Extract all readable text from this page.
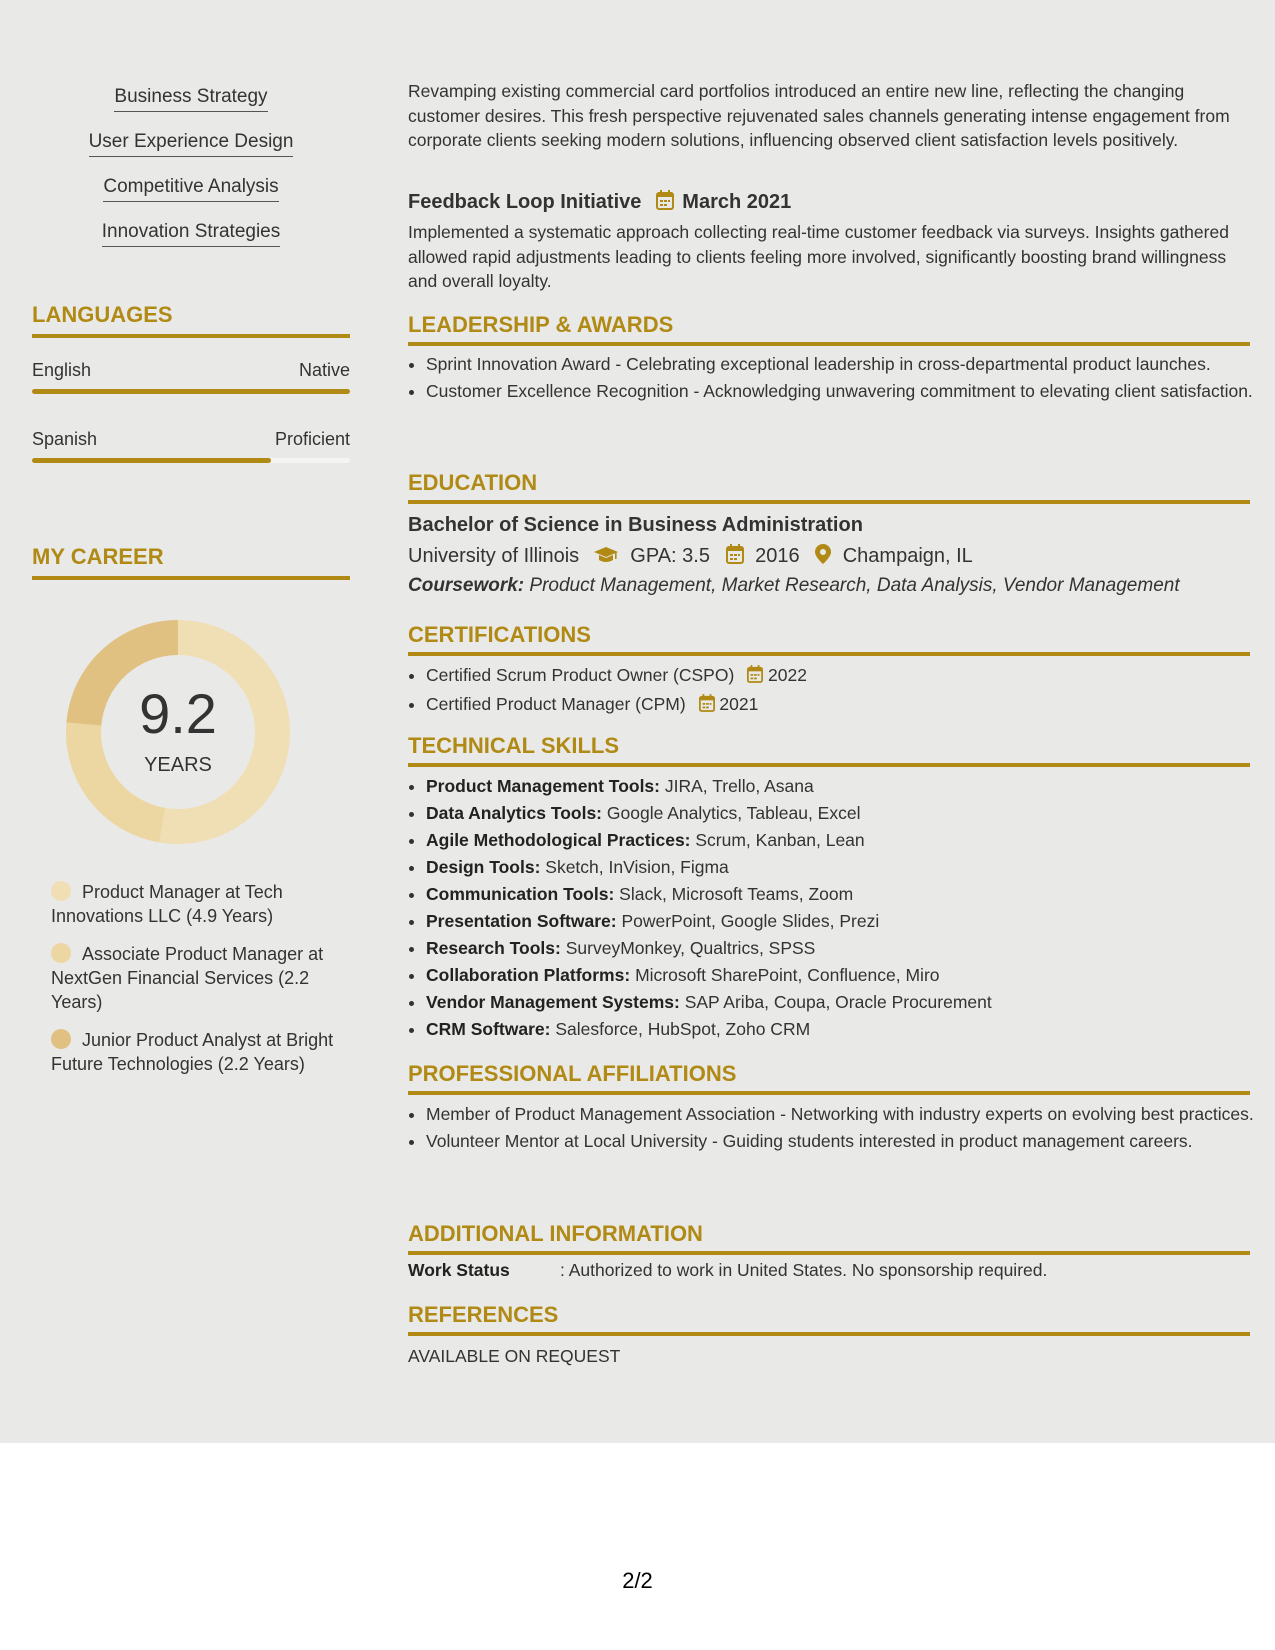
Business Strategy
User Experience Design
Competitive Analysis
Innovation Strategies
LANGUAGES
English	Native
Spanish	Proficient
MY CAREER
9.2
YEARS
Product Manager at Tech Innovations LLC (4.9 Years)
Associate Product Manager at NextGen Financial Services (2.2 Years)
Junior Product Analyst at Bright Future Technologies (2.2 Years)

Revamping existing commercial card portfolios introduced an entire new line, reflecting the changing customer desires. This fresh perspective rejuvenated sales channels generating intense engagement from corporate clients seeking modern solutions, influencing observed client satisfaction levels positively.

Feedback Loop Initiative March 2021

Implemented a systematic approach collecting real-time customer feedback via surveys. Insights gathered allowed rapid adjustments leading to clients feeling more involved, significantly boosting brand willingness and overall loyalty.

LEADERSHIP & AWARDS
• Sprint Innovation Award - Celebrating exceptional leadership in cross-departmental product launches.
• Customer Excellence Recognition - Acknowledging unwavering commitment to elevating client satisfaction.
EDUCATION
Bachelor of Science in Business Administration
University of Illinois	GPA: 3.5 2016 Champaign, IL
Coursework: Product Management, Market Research, Data Analysis, Vendor Management
CERTIFICATIONS
• Certified Scrum Product Owner (CSPO) 2022
• Certified Product Manager (CPM) 2021
TECHNICAL SKILLS
• Product Management Tools: JIRA, Trello, Asana
• Data Analytics Tools: Google Analytics, Tableau, Excel
• Agile Methodological Practices: Scrum, Kanban, Lean
• Design Tools: Sketch, InVision, Figma
• Communication Tools: Slack, Microsoft Teams, Zoom
• Presentation Software: PowerPoint, Google Slides, Prezi
• Research Tools: SurveyMonkey, Qualtrics, SPSS
• Collaboration Platforms: Microsoft SharePoint, Confluence, Miro
• Vendor Management Systems: SAP Ariba, Coupa, Oracle Procurement
• CRM Software: Salesforce, HubSpot, Zoho CRM
PROFESSIONAL AFFILIATIONS
• Member of Product Management Association - Networking with industry experts on evolving best practices.
• Volunteer Mentor at Local University - Guiding students interested in product management careers.
ADDITIONAL INFORMATION
Work Status	: Authorized to work in United States. No sponsorship required.
REFERENCES
AVAILABLE ON REQUEST
2/2
